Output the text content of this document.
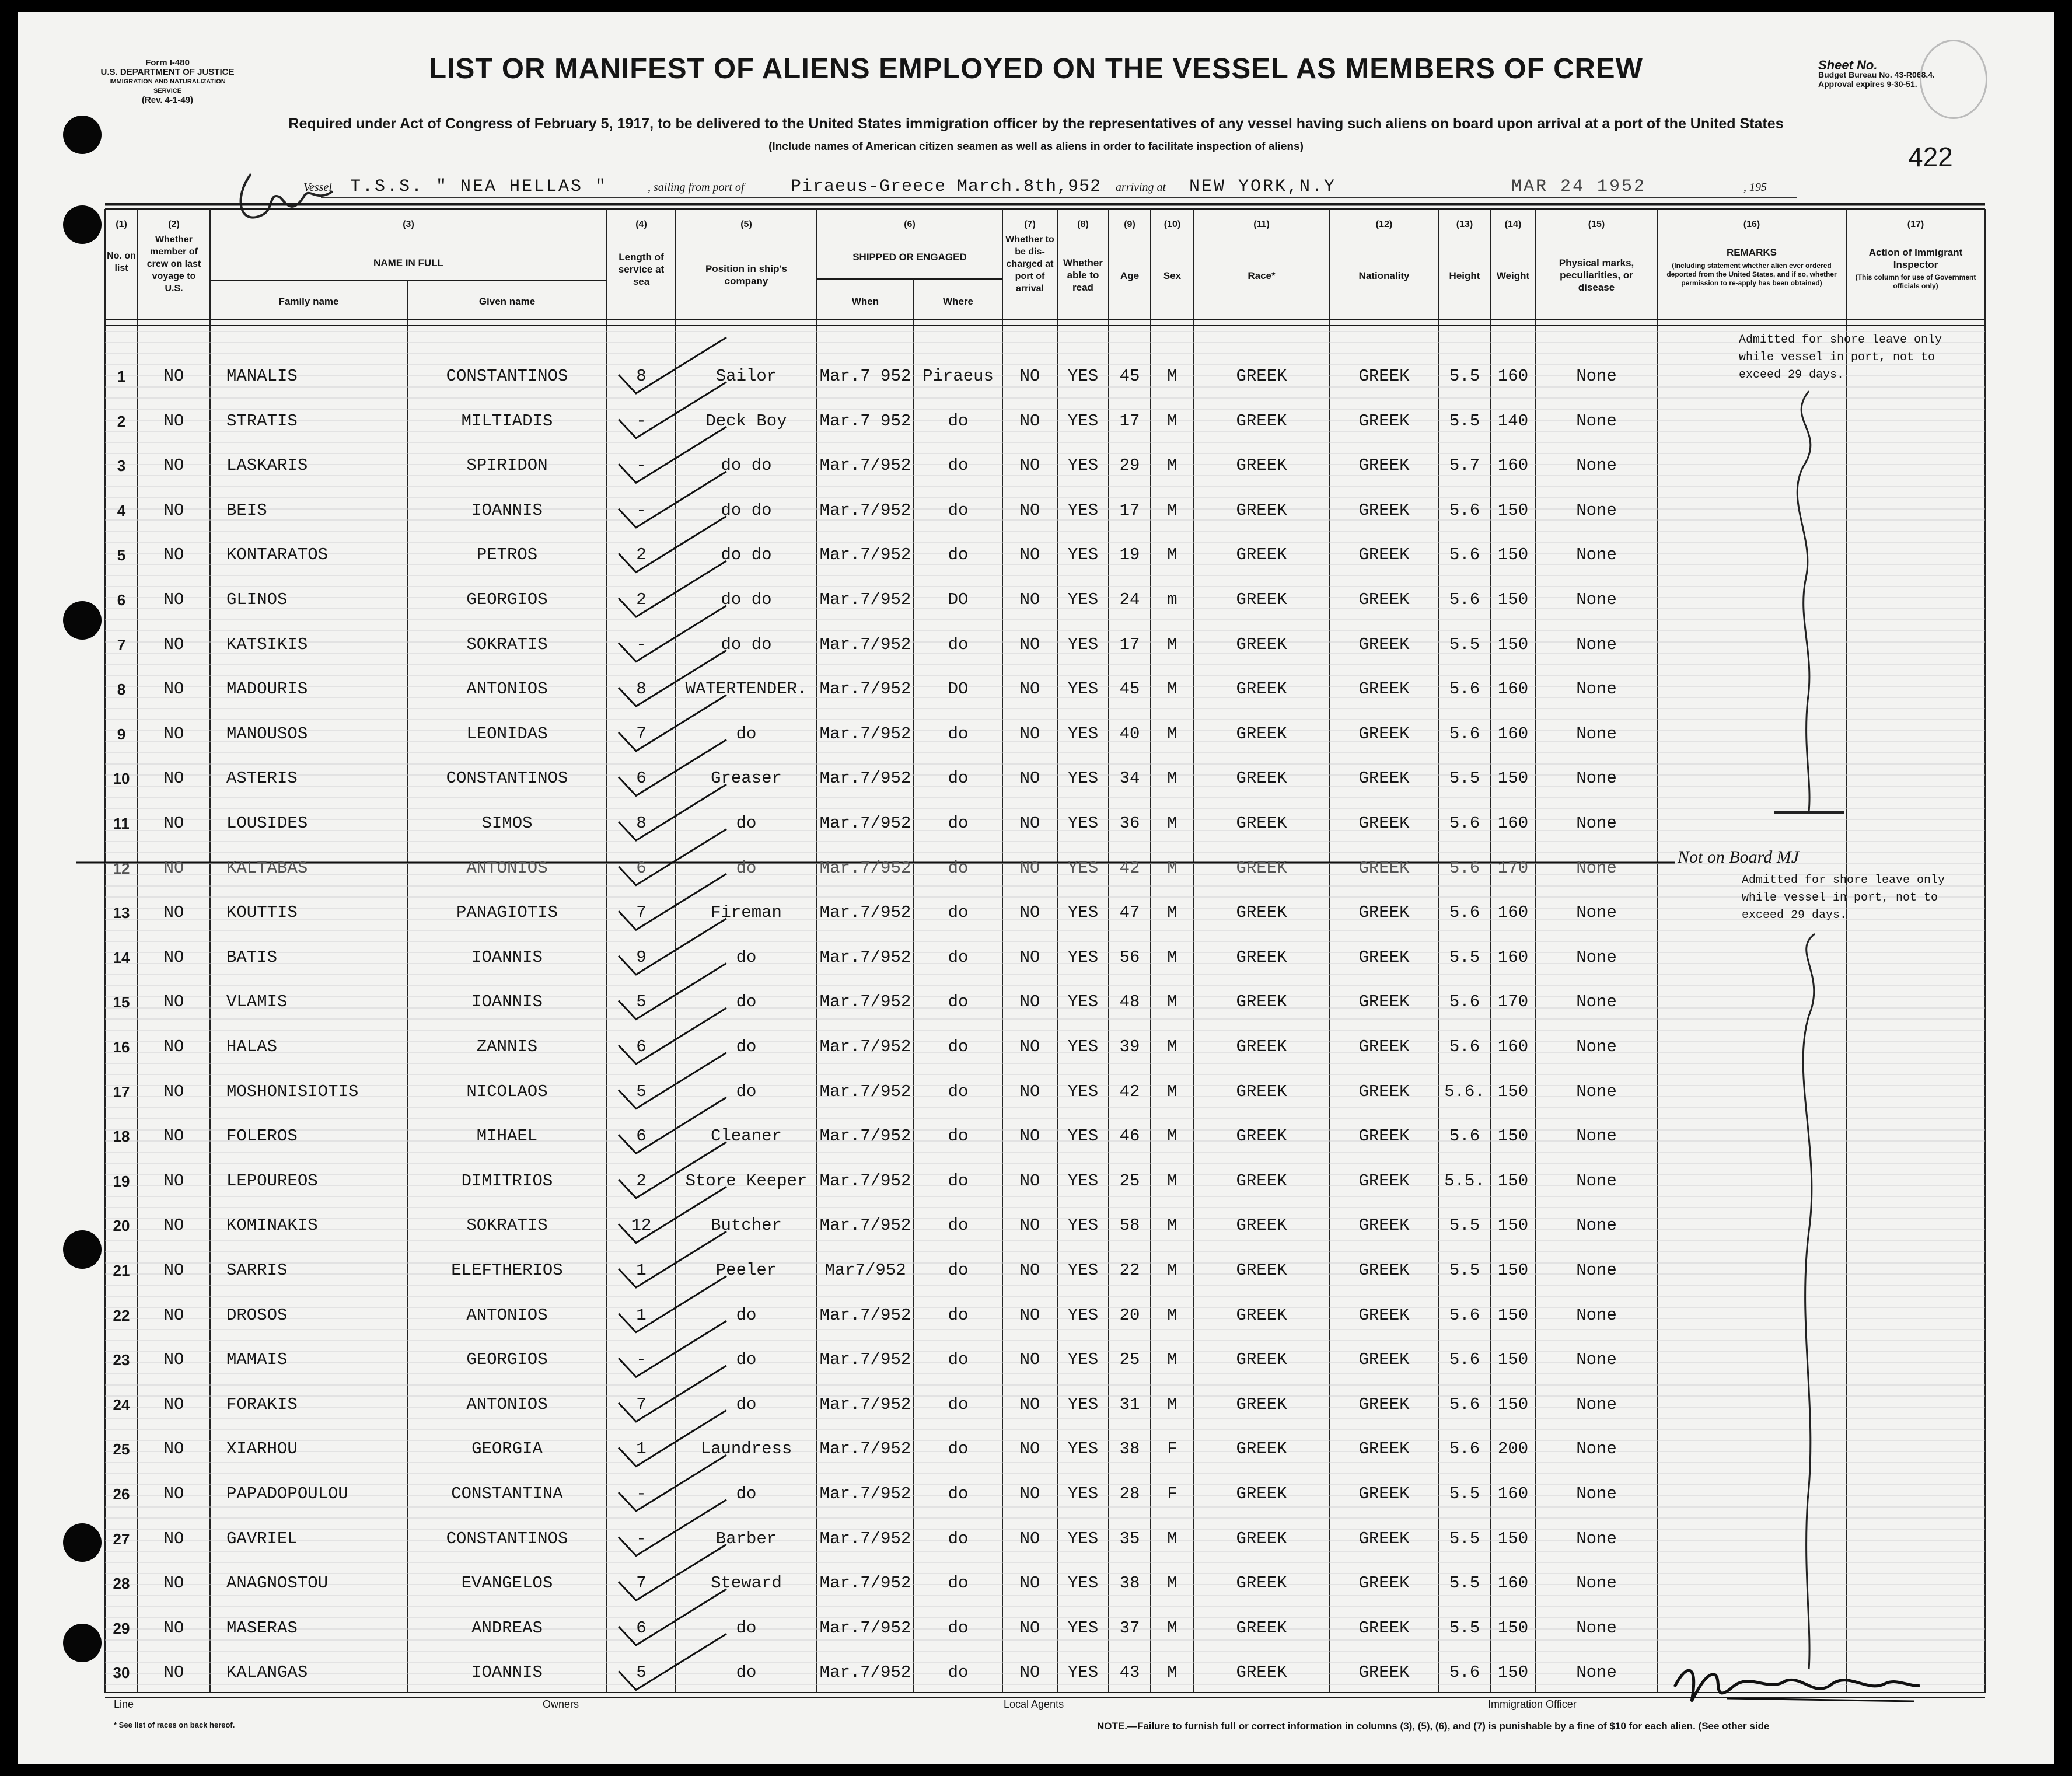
Form I-480
U.S. DEPARTMENT OF JUSTICE
IMMIGRATION AND NATURALIZATION SERVICE
(Rev. 4-1-49)
LIST OR MANIFEST OF ALIENS EMPLOYED ON THE VESSEL AS MEMBERS OF CREW	Sheet No.
Budget Bureau No. 43-R068.4.
Approval expires 9-30-51.
422
Required under Act of Congress of February 5, 1917, to be delivered to the United States immigration officer by the representatives of any vessel having such aliens on board upon arrival at a port of the United States
(Include names of American citizen seamen as well as aliens in order to facilitate inspection of aliens)
Vessel T.S.S. " NEA HELLAS "	, sailing from port of	Piraeus-Greece March.8th,952 arriving at NEW YORK,N.Y	MAR 24 1952	, 195
(1)
No. on list
(2)
Whether member of crew on last voyage to U.S.
(3)
NAME IN FULL
Family name	Given name
(4)
Length of service at sea
(5)
Position in ship's company
(6)
SHIPPED OR ENGAGED
When	Where
(7)
Whether to be dis-charged at port of arrival
(8)
Whether able to read
(9)
Age
(10)
Sex
(11)
Race*
(12)
Nationality
(13)
Height
(14)
Weight
(15)
Physical marks, peculiarities, or disease
(16)
REMARKS
(Including statement whether alien ever ordered deported from the United States, and if so, whether permission to re-apply has been obtained)
(17)
Action of Immigrant Inspector
(This column for use of Government officials only)
1	NO	MANALIS	CONSTANTINOS	8	Sailor	Mar.7 952 Piraeus	NO	YES	45	M	GREEK	GREEK	5.5	160	None
2	NO	STRATIS	MILTIADIS	-	Deck Boy	Mar.7 952	do	NO	YES	17	M	GREEK	GREEK	5.5	140	None
3	NO	LASKARIS	SPIRIDON	-	do do	Mar.7/952	do	NO	YES	29	M	GREEK	GREEK	5.7	160	None
4	NO	BEIS	IOANNIS	-	do do	Mar.7/952	do	NO	YES	17	M	GREEK	GREEK	5.6	150	None
5	NO	KONTARATOS	PETROS	2	do do	Mar.7/952	do	NO	YES	19	M	GREEK	GREEK	5.6	150	None
6	NO	GLINOS	GEORGIOS	2	do do	Mar.7/952	DO	NO	YES	24	m	GREEK	GREEK	5.6	150	None
7	NO	KATSIKIS	SOKRATIS	-	do do	Mar.7/952	do	NO	YES	17	M	GREEK	GREEK	5.5	150	None
8	NO	MADOURIS	ANTONIOS	8	WATERTENDER. Mar.7/952	DO	NO	YES	45	M	GREEK	GREEK	5.6	160	None
9	NO	MANOUSOS	LEONIDAS	7	do	Mar.7/952	do	NO	YES	40	M	GREEK	GREEK	5.6	160	None
10	NO	ASTERIS	CONSTANTINOS	6	Greaser	Mar.7/952	do	NO	YES	34	M	GREEK	GREEK	5.5	150	None
11	NO	LOUSIDES	SIMOS	8	do	Mar.7/952	do	NO	YES	36	M	GREEK	GREEK	5.6	160	None
12	NO	KALTABAS	ANTONIOS	6	do	Mar.7/952	do	NO	YES	42	M	GREEK	GREEK	5.6	170	None
13	NO	KOUTTIS	PANAGIOTIS	7	Fireman	Mar.7/952	do	NO	YES	47	M	GREEK	GREEK	5.6	160	None
14	NO	BATIS	IOANNIS	9	do	Mar.7/952	do	NO	YES	56	M	GREEK	GREEK	5.5	160	None
15	NO	VLAMIS	IOANNIS	5	do	Mar.7/952	do	NO	YES	48	M	GREEK	GREEK	5.6	170	None
16	NO	HALAS	ZANNIS	6	do	Mar.7/952	do	NO	YES	39	M	GREEK	GREEK	5.6	160	None
17	NO	MOSHONISIOTIS	NICOLAOS	5	do	Mar.7/952	do	NO	YES	42	M	GREEK	GREEK	5.6. 150	None
18	NO	FOLEROS	MIHAEL	6	Cleaner	Mar.7/952	do	NO	YES	46	M	GREEK	GREEK	5.6	150	None
19	NO	LEPOUREOS	DIMITRIOS	2	Store Keeper Mar.7/952	do	NO	YES	25	M	GREEK	GREEK	5.5. 150	None
20	NO	KOMINAKIS	SOKRATIS	12	Butcher	Mar.7/952	do	NO	YES	58	M	GREEK	GREEK	5.5	150	None
21	NO	SARRIS	ELEFTHERIOS	1	Peeler	Mar7/952	do	NO	YES	22	M	GREEK	GREEK	5.5	150	None
22	NO	DROSOS	ANTONIOS	1	do	Mar.7/952	do	NO	YES	20	M	GREEK	GREEK	5.6	150	None
23	NO	MAMAIS	GEORGIOS	-	do	Mar.7/952	do	NO	YES	25	M	GREEK	GREEK	5.6	150	None
24	NO	FORAKIS	ANTONIOS	7	do	Mar.7/952	do	NO	YES	31	M	GREEK	GREEK	5.6	150	None
25	NO	XIARHOU	GEORGIA	1	Laundress	Mar.7/952	do	NO	YES	38	F	GREEK	GREEK	5.6	200	None
26	NO	PAPADOPOULOU	CONSTANTINA	-	do	Mar.7/952	do	NO	YES	28	F	GREEK	GREEK	5.5	160	None
27	NO	GAVRIEL	CONSTANTINOS	-	Barber	Mar.7/952	do	NO	YES	35	M	GREEK	GREEK	5.5	150	None
28	NO	ANAGNOSTOU	EVANGELOS	7	Steward	Mar.7/952	do	NO	YES	38	M	GREEK	GREEK	5.5	160	None
29	NO	MASERAS	ANDREAS	6	do	Mar.7/952	do	NO	YES	37	M	GREEK	GREEK	5.5	150	None
30	NO	KALANGAS	IOANNIS	5	do	Mar.7/952	do	NO	YES	43	M	GREEK	GREEK	5.6	150	None
Admitted for shore leave only
while vessel in port, not to
exceed 29 days.
Not on Board MJ
Admitted for shore leave only
while vessel in port, not to
exceed 29 days.
Line	Owners	Local Agents	Immigration Officer
* See list of races on back hereof.	NOTE.—Failure to furnish full or correct information in columns (3), (5), (6), and (7) is punishable by a fine of $10 for each alien. (See other side
